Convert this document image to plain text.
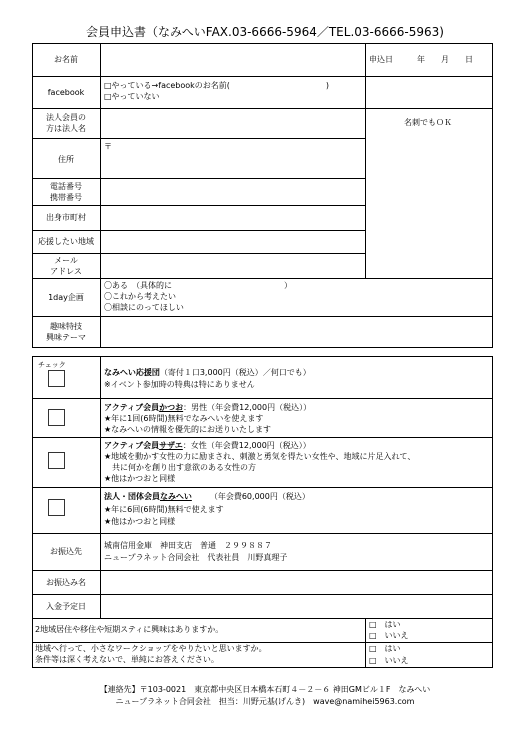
会員申込書（なみへいFAX.03-6666-5964／TEL.03-6666-5963)
お名前	申込日　　　年　　月　　日
facebook
□やっている→facebookのお名前(　　　　　　　　　　　　)
□やっていない
法人会員の
方は法人名
名刺でもＯＫ
住所
〒
電話番号
携帯番号
出身市町村
応援したい地域
メール
アドレス
1day企画
〇ある　（具体的に　　　　　　　　　　　　　　）
〇これから考えたい
〇相談にのってほしい
趣味特技
興味テーマ
チェック
なみへい応援団（寄付１口3,000円（税込）／何口でも）
※イベント参加時の特典は特にありません
アクティブ会員かつお：男性（年会費12,000円（税込））
★年に1回(6時間)無料でなみへいを使えます
★なみへいの情報を優先的にお送りいたします
アクティブ会員サザエ：女性（年会費12,000円（税込））
★地域を動かす女性の力に励まされ、刺激と勇気を得たい女性や、地域に片足入れて、
　共に何かを創り出す意欲のある女性の方
★他はかつおと同様
法人・団体会員なみへい （年会費60,000円（税込）
★年に6回(6時間)無料で使えます
★他はかつおと同様
お振込先
城南信用金庫　神田支店　普通　２９９８８７
ニュープラネット合同会社　代表社員　川野真理子
お振込み名
入金予定日
2地域居住や移住や短期スティに興味はありますか。
□　はい
□　いいえ
地域へ行って、小さなワークショップをやりたいと思いますか。
条件等は深く考えないで、単純にお答えください。
□　はい
□　いいえ
【連絡先】〒103-0021　東京都中央区日本橋本石町４－２－６ 神田GMビル１F　なみへい
ニュープラネット合同会社　担当：川野元基(げんき)　wave@namihei5963.com
